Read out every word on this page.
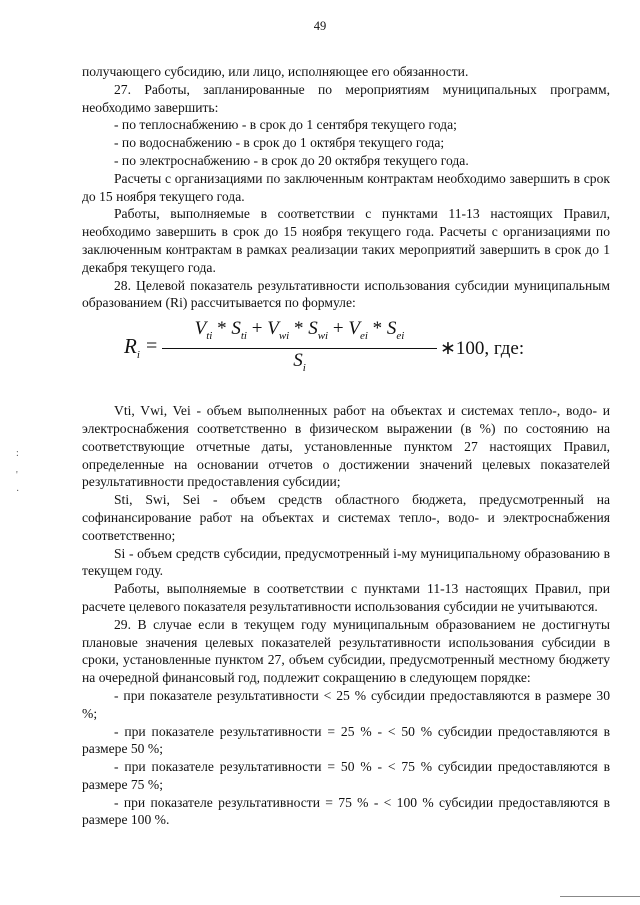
49
:
'
·

получающего субсидию, или лицо, исполняющее его обязанности.

27. Работы, запланированные по мероприятиям муниципальных программ, необходимо завершить:

- по теплоснабжению - в срок до 1 сентября текущего года;

- по водоснабжению - в срок до 1 октября текущего года;

- по электроснабжению - в срок до 20 октября текущего года.

Расчеты с организациями по заключенным контрактам необходимо завершить в срок до 15 ноября текущего года.

Работы, выполняемые в соответствии с пунктами 11-13 настоящих Правил, необходимо завершить в срок до 15 ноября текущего года. Расчеты с организациями по заключенным контрактам в рамках реализации таких мероприятий завершить в срок до 1 декабря текущего года.

28. Целевой показатель результативности использования субсидии муниципальным образованием (Ri) рассчитывается по формуле:

$R_i$ =
$V_{ti} * S_{ti} + V_{wi} * S_{wi} + V_{ei} * S_{ei}$
$S_i$
∗100, где:

Vti, Vwi, Vei - объем выполненных работ на объектах и системах тепло-, водо- и электроснабжения соответственно в физическом выражении (в %) по состоянию на соответствующие отчетные даты, установленные пунктом 27 настоящих Правил, определенные на основании отчетов о достижении значений целевых показателей результативности предоставления субсидии;

Sti, Swi, Sei - объем средств областного бюджета, предусмотренный на софинансирование работ на объектах и системах тепло-, водо- и электроснабжения соответственно;

Si - объем средств субсидии, предусмотренный i-му муниципальному образованию в текущем году.

Работы, выполняемые в соответствии с пунктами 11-13 настоящих Правил, при расчете целевого показателя результативности использования субсидии не учитываются.

29. В случае если в текущем году муниципальным образованием не достигнуты плановые значения целевых показателей результативности использования субсидии в сроки, установленные пунктом 27, объем субсидии, предусмотренный местному бюджету на очередной финансовый год, подлежит сокращению в следующем порядке:

- при показателе результативности < 25 % субсидии предоставляются в размере 30 %;

- при показателе результативности = 25 % - < 50 % субсидии предоставляются в размере 50 %;

- при показателе результативности = 50 % - < 75 % субсидии предоставляются в размере 75 %;

- при показателе результативности = 75 % - < 100 % субсидии предоставляются в размере 100 %.
